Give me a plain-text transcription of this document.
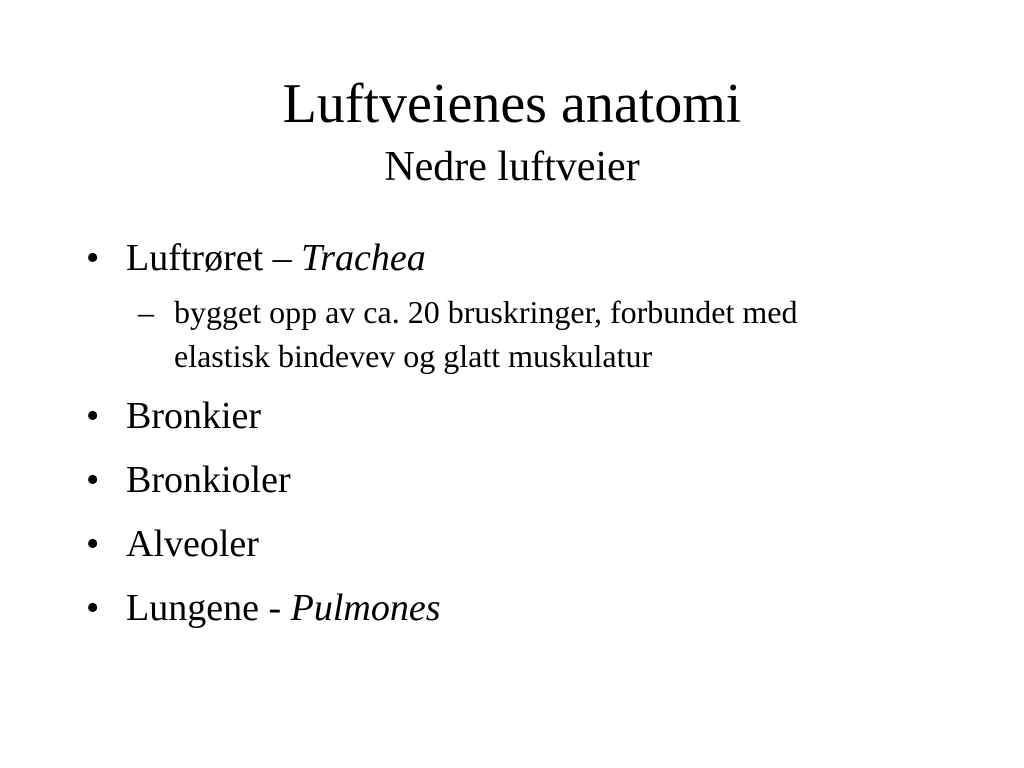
Luftveienes anatomi
Nedre luftveier
• Luftrøret – Trachea
– bygget opp av ca. 20 bruskringer, forbundet med elastisk bindevev og glatt muskulatur
• Bronkier
• Bronkioler
• Alveoler
• Lungene - Pulmones
